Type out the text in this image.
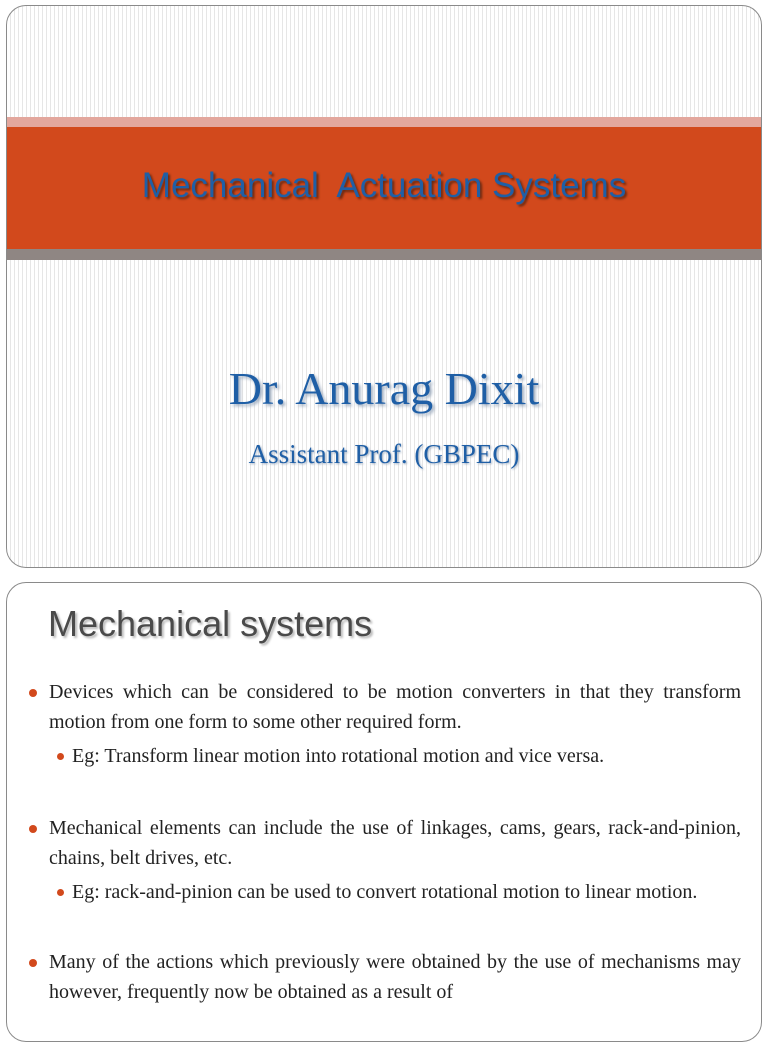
Mechanical  Actuation Systems
Dr. Anurag Dixit
Assistant Prof. (GBPEC)
Mechanical systems
Devices which can be considered to be motion converters in that they transform motion from one form to some other required form.
Eg: Transform linear motion into rotational motion and vice versa.
Mechanical elements can include the use of linkages, cams, gears, rack-and-pinion, chains, belt drives, etc.
Eg: rack-and-pinion can be used to convert rotational motion to linear motion.
Many of the actions which previously were obtained by the use of mechanisms may however, frequently now be obtained as a result of
